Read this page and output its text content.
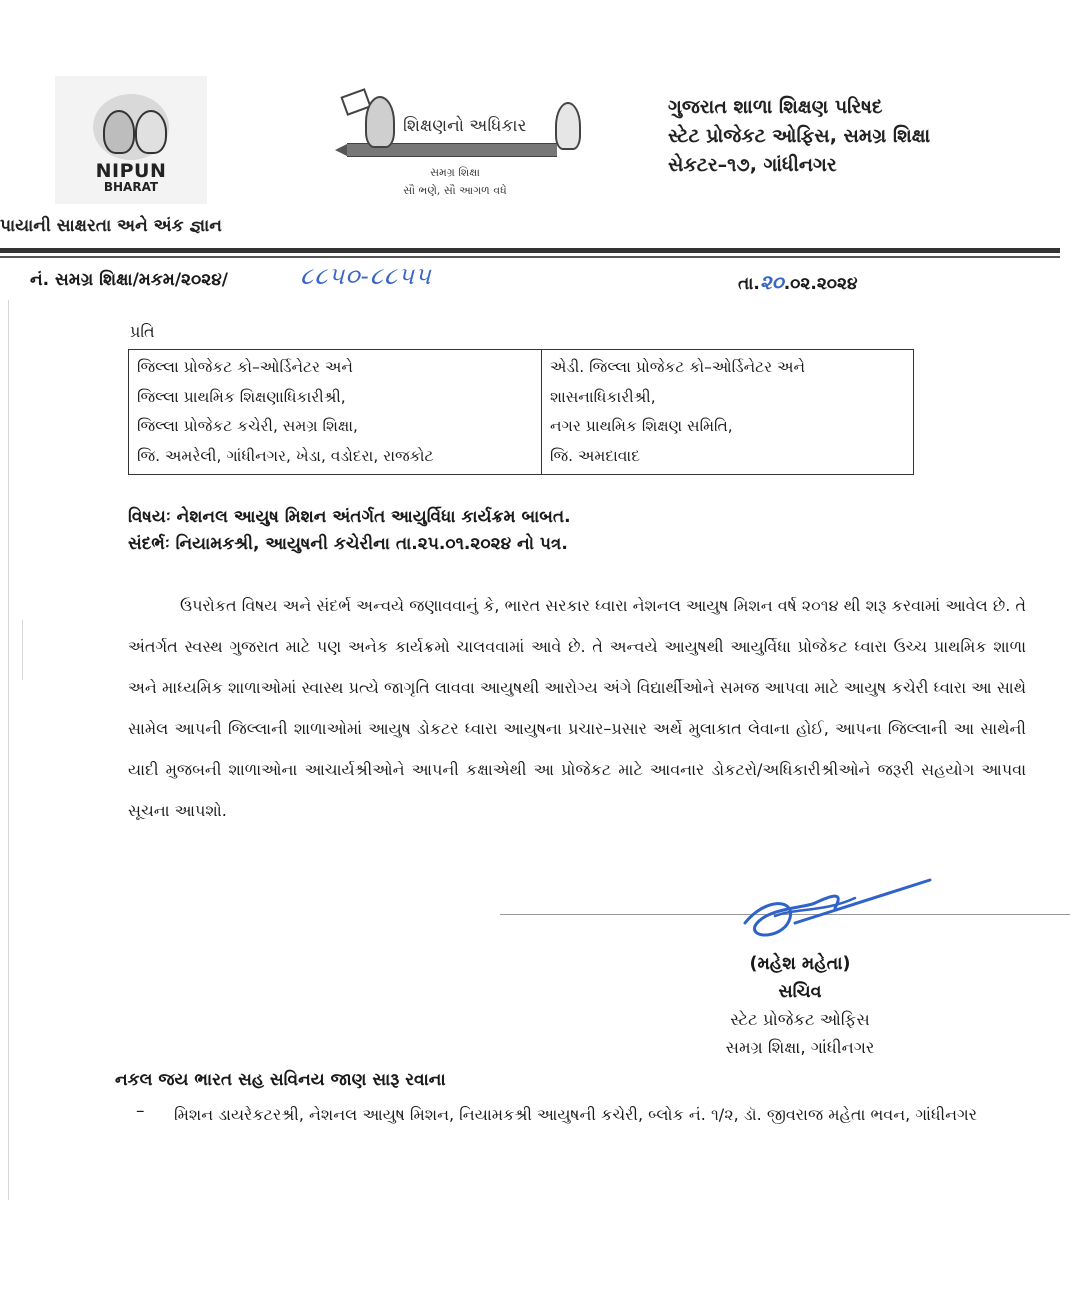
NIPUN
BHARAT
શિક્ષણનો અધિકાર
સમગ્ર શિક્ષા
સૌ ભણે, સૌ આગળ વધે
ગુજરાત શાળા શિક્ષણ પરિષદ
સ્ટેટ પ્રોજેકટ ઓફિસ, સમગ્ર શિક્ષા
સેકટર–૧૭, ગાંધીનગર
પાયાની સાક્ષરતા અને અંક જ્ઞાન
નં. સમગ્ર શિક્ષા/મકમ/૨૦૨૪/	૮૮૫૦-૮૮૫૫	તા.૨૦.૦૨.૨૦૨૪
પ્રતિ
જિલ્લા પ્રોજેકટ કો–ઓર્ડિનેટર અને
જિલ્લા પ્રાથમિક શિક્ષણાધિકારીશ્રી,
જિલ્લા પ્રોજેકટ કચેરી, સમગ્ર શિક્ષા,
જિ. અમરેલી, ગાંધીનગર, ખેડા, વડોદરા, રાજકોટ

એડી. જિલ્લા પ્રોજેકટ કો–ઓર્ડિનેટર અને
શાસનાધિકારીશ્રી,
નગર પ્રાથમિક શિક્ષણ સમિતિ,
જિ. અમદાવાદ
વિષયઃ નેશનલ આયુષ મિશન અંતર્ગત આયુર્વિધા કાર્યક્રમ બાબત.
સંદર્ભઃ નિયામકશ્રી, આયુષની કચેરીના તા.૨૫.૦૧.૨૦૨૪ નો પત્ર.
ઉપરોકત વિષય અને સંદર્ભ અન્વયે જણાવવાનું કે, ભારત સરકાર ધ્વારા નેશનલ આયુષ મિશન વર્ષ ૨૦૧૪ થી શરૂ કરવામાં આવેલ છે. તે અંતર્ગત સ્વસ્થ ગુજરાત માટે પણ અનેક કાર્યક્રમો ચાલવવામાં આવે છે. તે અન્વયે આયુષથી આયુર્વિધા પ્રોજેકટ ધ્વારા ઉચ્ચ પ્રાથમિક શાળા અને માધ્યમિક શાળાઓમાં સ્વાસ્થ પ્રત્યે જાગૃતિ લાવવા આયુષથી આરોગ્ય અંગે વિદ્યાર્થીઓને સમજ આપવા માટે આયુષ કચેરી ધ્વારા આ સાથે સામેલ આપની જિલ્લાની શાળાઓમાં આયુષ ડોકટર ધ્વારા આયુષના પ્રચાર–પ્રસાર અર્થે મુલાકાત લેવાના હોઈ, આપના જિલ્લાની આ સાથેની યાદી મુજબની શાળાઓના આચાર્યશ્રીઓને આપની કક્ષાએથી આ પ્રોજેકટ માટે આવનાર ડોકટરો/અધિકારીશ્રીઓને જરૂરી સહયોગ આપવા સૂચના આપશો.
(મહેશ મહેતા)
સચિવ
સ્ટેટ પ્રોજેકટ ઓફિસ
સમગ્ર શિક્ષા, ગાંધીનગર
નકલ જય ભારત સહ સવિનય જાણ સારૂ રવાના
– મિશન ડાયરેકટરશ્રી, નેશનલ આયુષ મિશન, નિયામકશ્રી આયુષની કચેરી, બ્લોક નં. ૧/૨, ડૉ. જીવરાજ મહેતા ભવન, ગાંધીનગર
